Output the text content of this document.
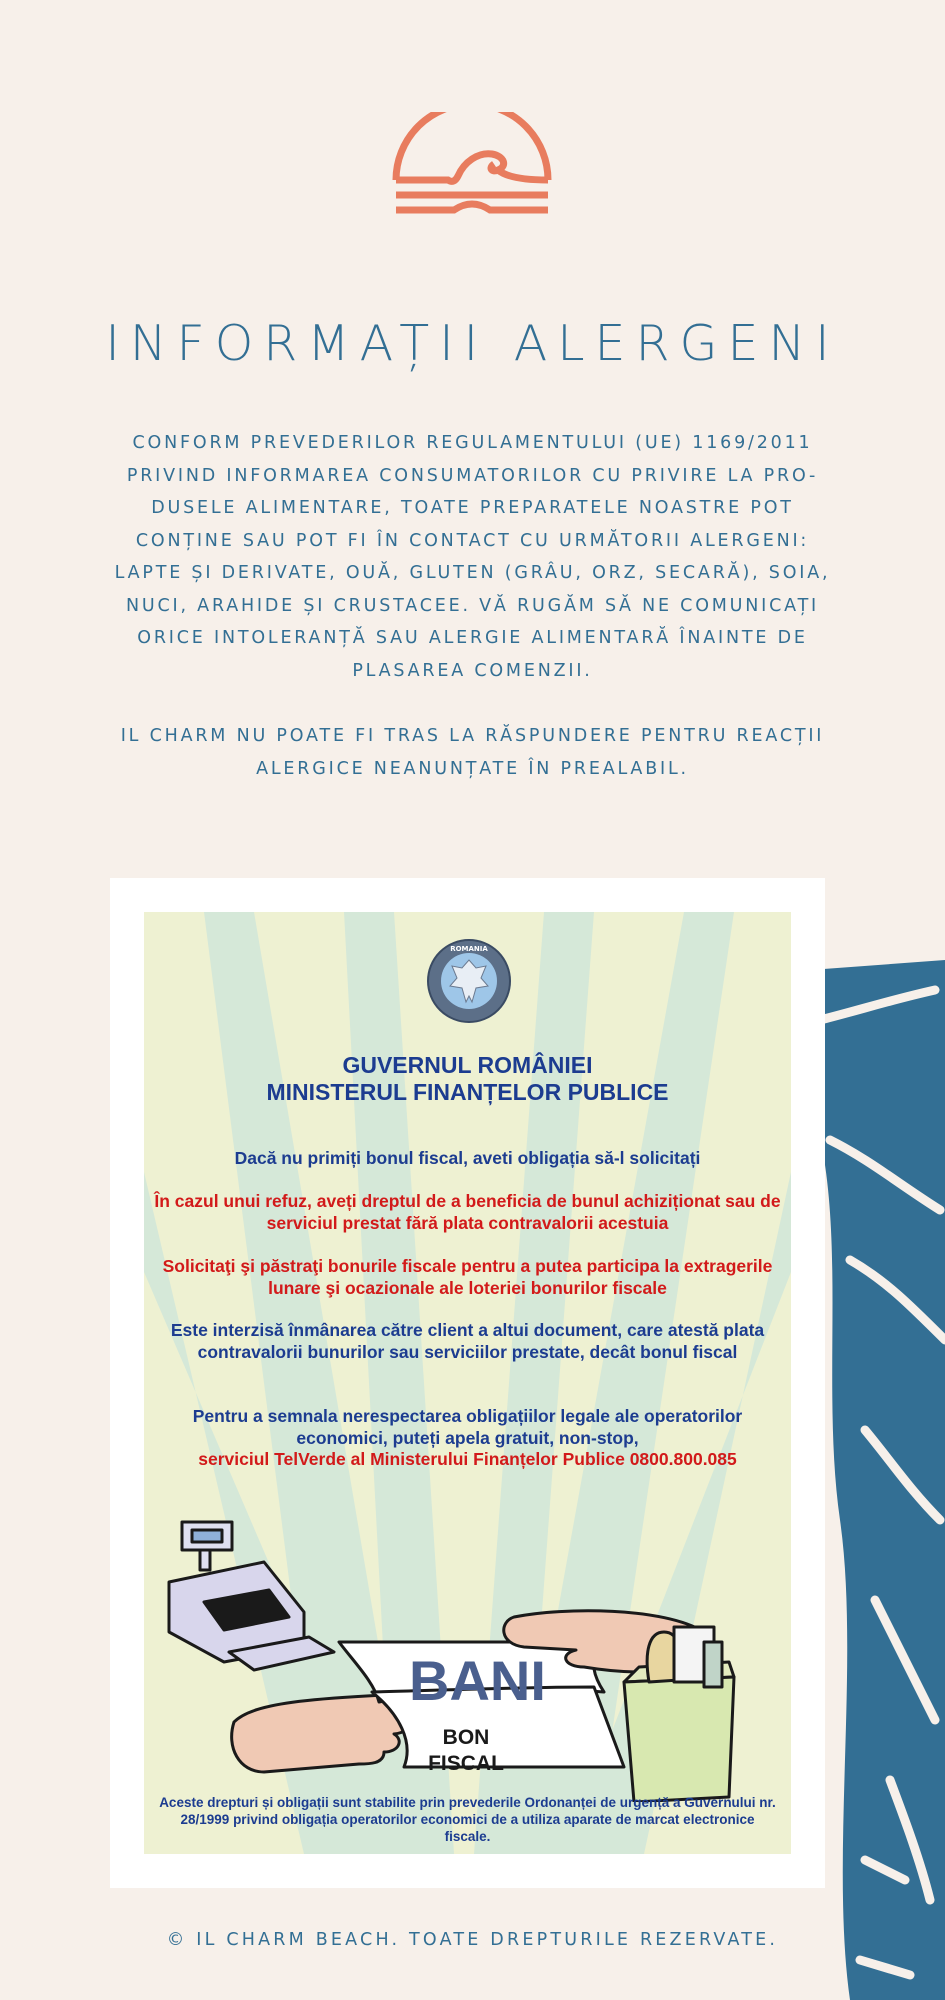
INFORMAȚII ALERGENI

CONFORM PREVEDERILOR REGULAMENTULUI (UE) 1169/2011 PRIVIND INFORMAREA CONSUMATORILOR CU PRIVIRE LA PRO-DUSELE ALIMENTARE, TOATE PREPARATELE NOASTRE POT CONȚINE SAU POT FI ÎN CONTACT CU URMĂTORII ALERGENI: LAPTE ȘI DERIVATE, OUĂ, GLUTEN (GRÂU, ORZ, SECARĂ), SOIA, NUCI, ARAHIDE ȘI CRUSTACEE. VĂ RUGĂM SĂ NE COMUNICAȚI ORICE INTOLERANȚĂ SAU ALERGIE ALIMENTARĂ ÎNAINTE DE PLASAREA COMENZII.

IL CHARM NU POATE FI TRAS LA RĂSPUNDERE PENTRU REACȚII ALERGICE NEANUNȚATE ÎN PREALABIL.

ROMANIA
GUVERNUL ROMÂNIEI
MINISTERUL FINANȚELOR PUBLICE

Dacă nu primiți bonul fiscal, aveti obligația să-l solicitați

În cazul unui refuz, aveți dreptul de a beneficia de bunul achiziționat sau de serviciul prestat fără plata contravalorii acestuia

Solicitaţi şi păstraţi bonurile fiscale pentru a putea participa la extragerile lunare şi ocazionale ale loteriei bonurilor fiscale

Este interzisă înmânarea către client a altui document, care atestă plata contravalorii bunurilor sau serviciilor prestate, decât bonul fiscal

Pentru a semnala nerespectarea obligațiilor legale ale operatorilor economici, puteți apela gratuit, non-stop,

serviciul TelVerde al Ministerului Finanțelor Publice 0800.800.085

BANI
BON
FISCAL

Aceste drepturi și obligații sunt stabilite prin prevederile Ordonanței de urgență a Guvernului nr. 28/1999 privind obligația operatorilor economici de a utiliza aparate de marcat electronice fiscale.

© IL CHARM BEACH. TOATE DREPTURILE REZERVATE.
